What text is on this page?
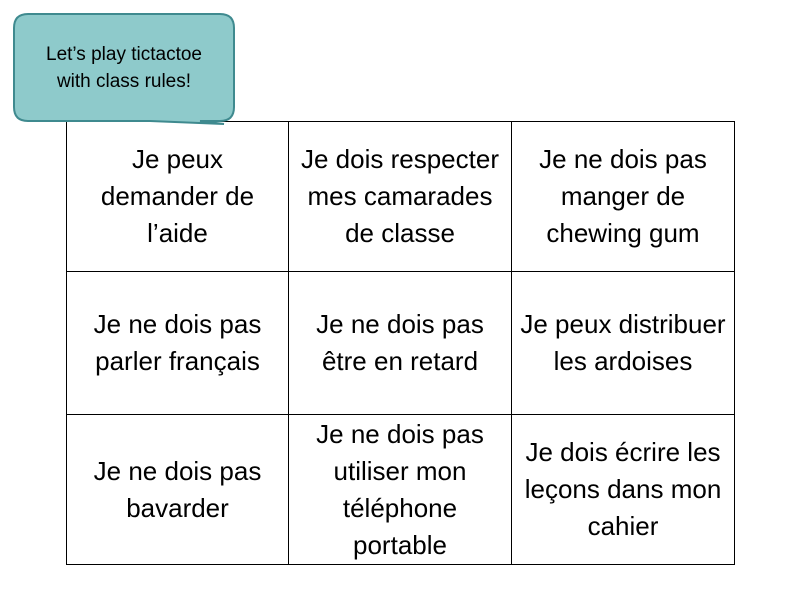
Je peux demander de l’aide	Je dois respecter mes camarades de classe	Je ne dois pas manger de chewing gum
Je ne dois pas parler français	Je ne dois pas être en retard	Je peux distribuer les ardoises
Je ne dois pas bavarder	Je ne dois pas utiliser mon téléphone portable	Je dois écrire les leçons dans mon cahier
Let’s play tictactoe
with class rules!
